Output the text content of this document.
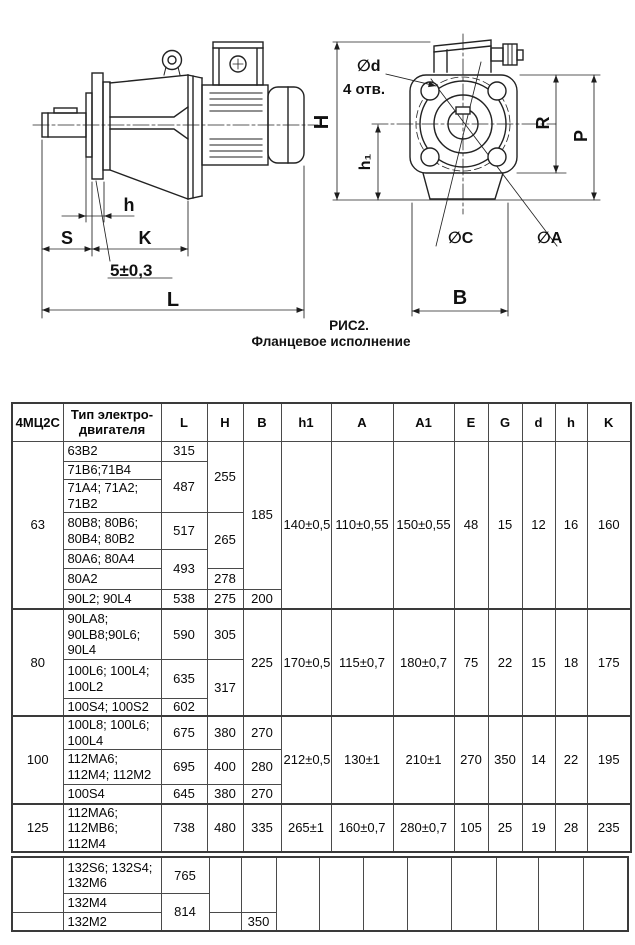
h
S	K
L
5±0,3
∅d
4 отв.
H
h₁
R
P
∅C	∅A
B
РИС2.
Фланцевое исполнение
4МЦ2С	Тип электро-двигателя	L	H	B	h1	A	A1	E	G	d	h	K
63	63В2	315	255	185	140±0,5	110±0,55	150±0,55	48	15	12	16	160
	71В6;71В4	487										
	71А4; 71А2; 71В2											
	80В8; 80В6; 80В4; 80В2	517	265									
	80А6; 80А4	493										
	80А2		278									
	90L2; 90L4	538	275	200								
80	90LA8; 90LB8;90L6; 90L4	590	305	225	170±0,5	115±0,7	180±0,7	75	22	15	18	175
	100L6; 100L4; 100L2	635	317									
	100S4; 100S2	602										
100	100L8; 100L6; 100L4	675	380	270	212±0,5	130±1	210±1	270	350	14	22	195
	112MA6; 112M4; 112M2	695	400	280								
	100S4	645	380	270								
125	112MA6; 112MB6; 112M4	738	480	335	265±1	160±0,7	280±0,7	105	25	19	28	235
	132S6; 132S4; 132M6	765										
	132M4	814										
	132M2			350								
